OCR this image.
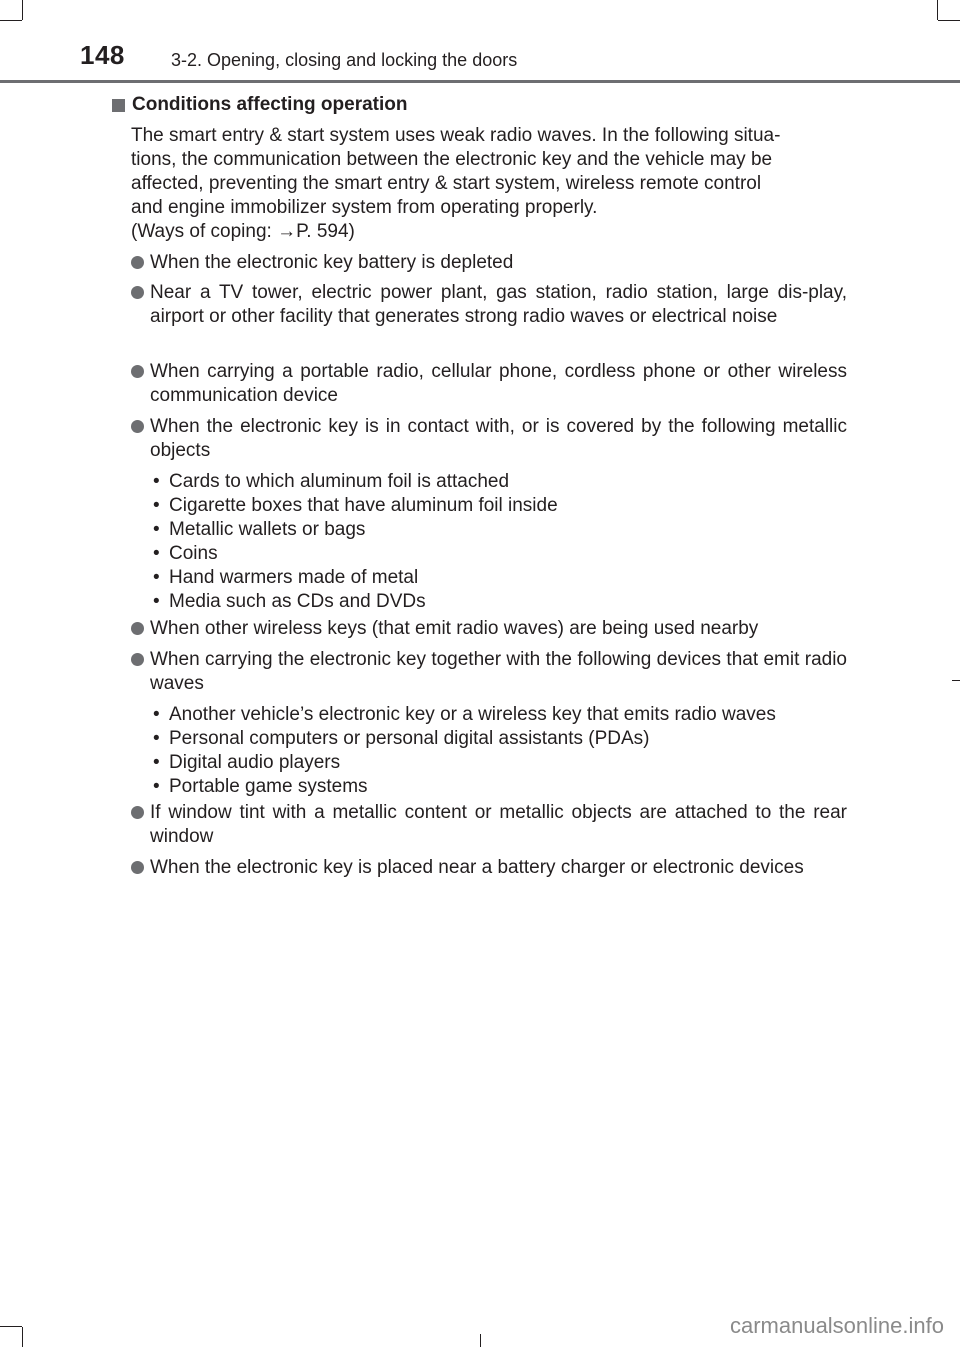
148	3-2. Opening, closing and locking the doors
Conditions affecting operation

The smart entry & start system uses weak radio waves. In the following situa-

tions, the communication between the electronic key and the vehicle may be

affected, preventing the smart entry & start system, wireless remote control

and engine immobilizer system from operating properly.

(Ways of coping: →P. 594)

When the electronic key battery is depleted
Near a TV tower, electric power plant, gas station, radio station, large dis-play, airport or other facility that generates strong radio waves or electrical noise
When carrying a portable radio, cellular phone, cordless phone or other wireless communication device
When the electronic key is in contact with, or is covered by the following metallic objects
• Cards to which aluminum foil is attached
• Cigarette boxes that have aluminum foil inside
• Metallic wallets or bags
• Coins
• Hand warmers made of metal
• Media such as CDs and DVDs
When other wireless keys (that emit radio waves) are being used nearby
When carrying the electronic key together with the following devices that emit radio waves
• Another vehicle’s electronic key or a wireless key that emits radio waves
• Personal computers or personal digital assistants (PDAs)
• Digital audio players
• Portable game systems
If window tint with a metallic content or metallic objects are attached to the rear window
When the electronic key is placed near a battery charger or electronic devices
carmanualsonline.info
